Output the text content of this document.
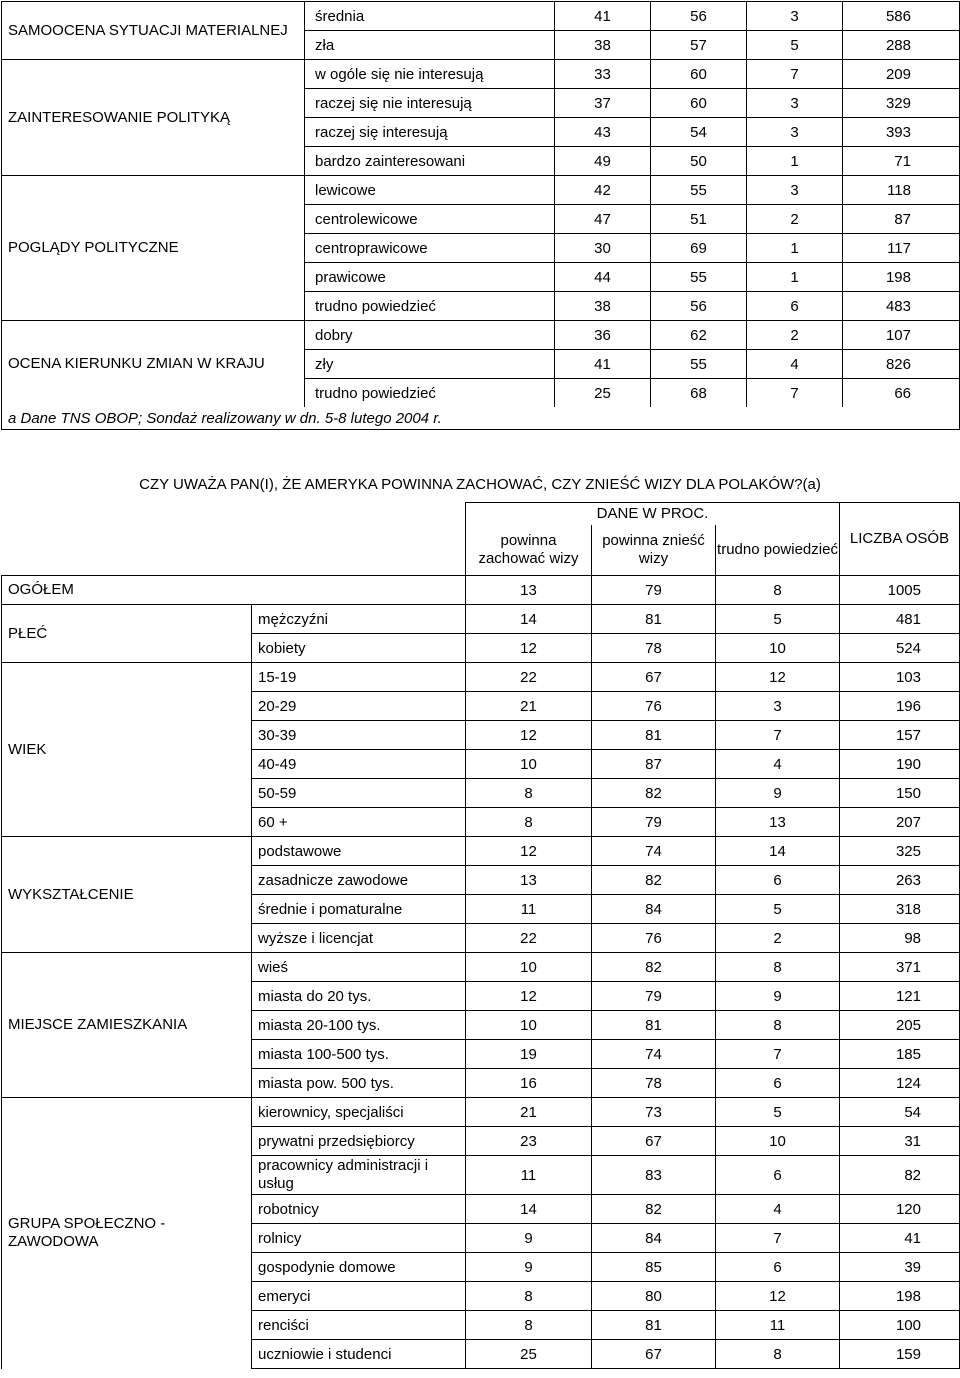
SAMOOCENA SYTUACJI MATERIALNEJ	średnia	41	56	3	586
	zła	38	57	5	288
ZAINTERESOWANIE POLITYKĄ	w ogóle się nie interesują	33	60	7	209
	raczej się nie interesują	37	60	3	329
	raczej się interesują	43	54	3	393
	bardzo zainteresowani	49	50	1	71
POGLĄDY POLITYCZNE	lewicowe	42	55	3	118
	centrolewicowe	47	51	2	87
	centroprawicowe	30	69	1	117
	prawicowe	44	55	1	198
	trudno powiedzieć	38	56	6	483
OCENA KIERUNKU ZMIAN W KRAJU	dobry	36	62	2	107
	zły	41	55	4	826
	trudno powiedzieć	25	68	7	66
a Dane TNS OBOP; Sondaż realizowany w dn. 5-8 lutego 2004 r.					
CZY UWAŻA PAN(I), ŻE AMERYKA POWINNA ZACHOWAĆ, CZY ZNIEŚĆ WIZY DLA POLAKÓW?(a)
		DANE W PROC.			LICZBA OSÓB
		powinna zachować wizy	powinna znieść wizy	trudno powiedzieć	
OGÓŁEM		13	79	8	1005
PŁEĆ	mężczyźni	14	81	5	481
	kobiety	12	78	10	524
WIEK	15-19	22	67	12	103
	20-29	21	76	3	196
	30-39	12	81	7	157
	40-49	10	87	4	190
	50-59	8	82	9	150
	60 +	8	79	13	207
WYKSZTAŁCENIE	podstawowe	12	74	14	325
	zasadnicze zawodowe	13	82	6	263
	średnie i pomaturalne	11	84	5	318
	wyższe i licencjat	22	76	2	98
MIEJSCE ZAMIESZKANIA	wieś	10	82	8	371
	miasta do 20 tys.	12	79	9	121
	miasta 20-100 tys.	10	81	8	205
	miasta 100-500 tys.	19	74	7	185
	miasta pow. 500 tys.	16	78	6	124
GRUPA SPOŁECZNO - ZAWODOWA	kierownicy, specjaliści	21	73	5	54
	prywatni przedsiębiorcy	23	67	10	31
	pracownicy administracji i usług	11	83	6	82
	robotnicy	14	82	4	120
	rolnicy	9	84	7	41
	gospodynie domowe	9	85	6	39
	emeryci	8	80	12	198
	renciści	8	81	11	100
	uczniowie i studenci	25	67	8	159
